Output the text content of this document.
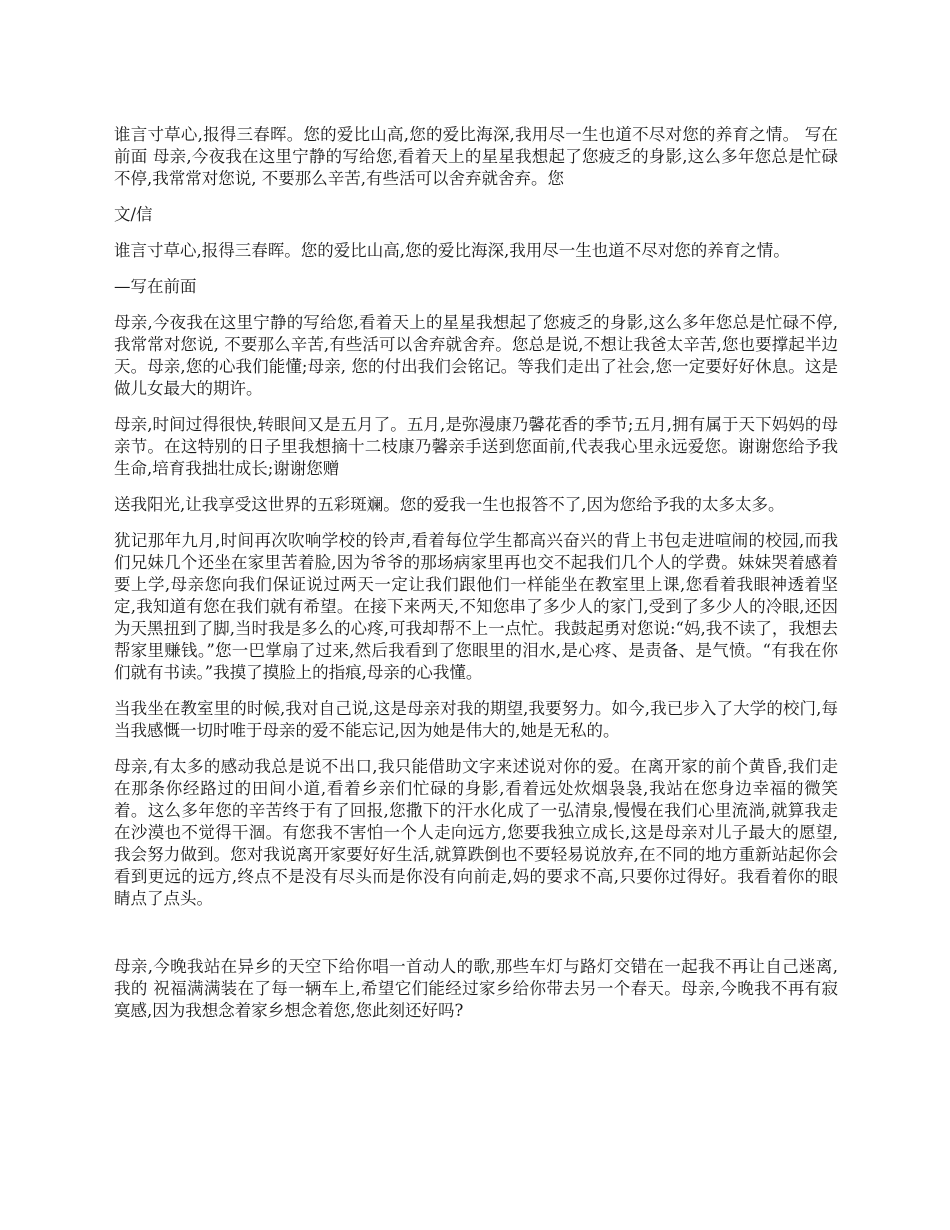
谁言寸草心,报得三春晖。您的爱比山高,您的爱比海深,我用尽一生也道不尽对您的养育之情。 写在前面 母亲,今夜我在这里宁静的写给您,看着天上的星星我想起了您疲乏的身影,这么多年您总是忙碌不停,我常常对您说, 不要那么辛苦,有些活可以舍弃就舍弃。您

文/信

谁言寸草心,报得三春晖。您的爱比山高,您的爱比海深,我用尽一生也道不尽对您的养育之情。

—写在前面

母亲,今夜我在这里宁静的写给您,看着天上的星星我想起了您疲乏的身影,这么多年您总是忙碌不停,我常常对您说, 不要那么辛苦,有些活可以舍弃就舍弃。您总是说,不想让我爸太辛苦,您也要撑起半边天。母亲,您的心我们能懂;母亲, 您的付出我们会铭记。等我们走出了社会,您一定要好好休息。这是做儿女最大的期许。

母亲,时间过得很快,转眼间又是五月了。五月,是弥漫康乃馨花香的季节;五月,拥有属于天下妈妈的母亲节。在这特别的日子里我想摘十二枝康乃馨亲手送到您面前,代表我心里永远爱您。谢谢您给予我生命,培育我拙壮成长;谢谢您赠

送我阳光,让我享受这世界的五彩斑斓。您的爱我一生也报答不了,因为您给予我的太多太多。

犹记那年九月,时间再次吹响学校的铃声,看着每位学生都高兴奋兴的背上书包走进喧闹的校园,而我们兄妹几个还坐在家里苦着脸,因为爷爷的那场病家里再也交不起我们几个人的学费。妹妹哭着感着要上学,母亲您向我们保证说过两天一定让我们跟他们一样能坐在教室里上课,您看着我眼神透着坚定,我知道有您在我们就有希望。在接下来两天,不知您串了多少人的家门,受到了多少人的冷眼,还因为天黑扭到了脚,当时我是多么的心疼,可我却帮不上一点忙。我鼓起勇对您说:“妈,我不读了，我想去帮家里赚钱。”您一巴掌扇了过来,然后我看到了您眼里的泪水,是心疼、是责备、是气愤。“有我在你们就有书读。”我摸了摸脸上的指痕,母亲的心我懂。

当我坐在教室里的时候,我对自己说,这是母亲对我的期望,我要努力。如今,我已步入了大学的校门,每当我感慨一切时唯于母亲的爱不能忘记,因为她是伟大的,她是无私的。

母亲,有太多的感动我总是说不出口,我只能借助文字来述说对你的爱。在离开家的前个黄昏,我们走在那条你经路过的田间小道,看着乡亲们忙碌的身影,看着远处炊烟袅袅,我站在您身边幸福的微笑着。这么多年您的辛苦终于有了回报,您撒下的汗水化成了一弘清泉,慢慢在我们心里流淌,就算我走在沙漠也不觉得干涸。有您我不害怕一个人走向远方,您要我独立成长,这是母亲对儿子最大的愿望,我会努力做到。您对我说离开家要好好生活,就算跌倒也不要轻易说放弃,在不同的地方重新站起你会看到更远的远方,终点不是没有尽头而是你没有向前走,妈的要求不高,只要你过得好。我看着你的眼睛点了点头。

母亲,今晚我站在异乡的天空下给你唱一首动人的歌,那些车灯与路灯交错在一起我不再让自己迷离,我的 祝福满满装在了每一辆车上,希望它们能经过家乡给你带去另一个春天。母亲,今晚我不再有寂寞感,因为我想念着家乡想念着您,您此刻还好吗?
